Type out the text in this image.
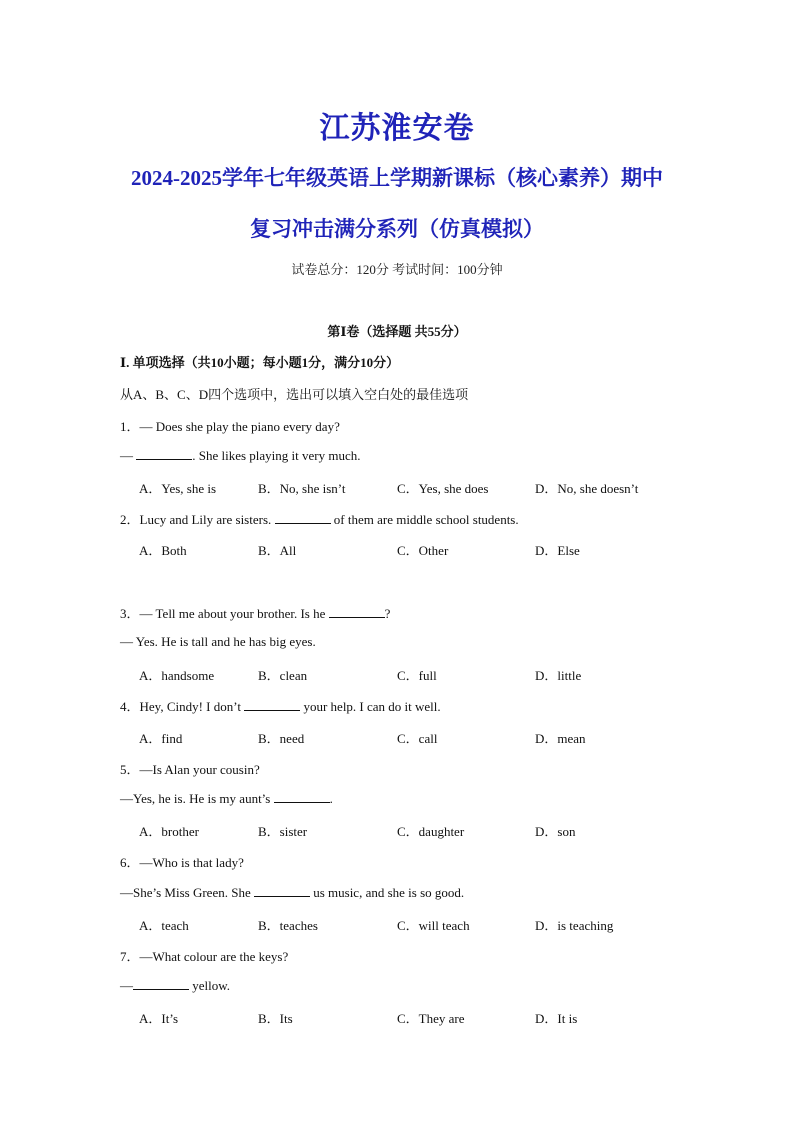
江苏淮安卷
2024-2025学年七年级英语上学期新课标（核心素养）期中
复习冲击满分系列（仿真模拟）
试卷总分：120分 考试时间：100分钟
第Ⅰ卷（选择题 共55分）
Ⅰ. 单项选择（共10小题；每小题1分，满分10分）
从A、B、C、D四个选项中，选出可以填入空白处的最佳选项
1．— Does she play the piano every day?
—	. She likes playing it very much.
A．Yes, she is	B．No, she isn’t	C．Yes, she does	D．No, she doesn’t
2．Lucy and Lily are sisters.	of them are middle school students.
A．Both	B．All	C．Other	D．Else
3．— Tell me about your brother. Is he	?
— Yes. He is tall and he has big eyes.
A．handsome	B．clean	C．full	D．little
4．Hey, Cindy! I don’t	your help. I can do it well.
A．find	B．need	C．call	D．mean
5．—Is Alan your cousin?
—Yes, he is. He is my aunt’s	.
A．brother	B．sister	C．daughter	D．son
6．—Who is that lady?
—She’s Miss Green. She	us music, and she is so good.
A．teach	B．teaches	C．will teach	D．is teaching
7．—What colour are the keys?
—	yellow.
A．It’s	B．Its	C．They are	D．It is
